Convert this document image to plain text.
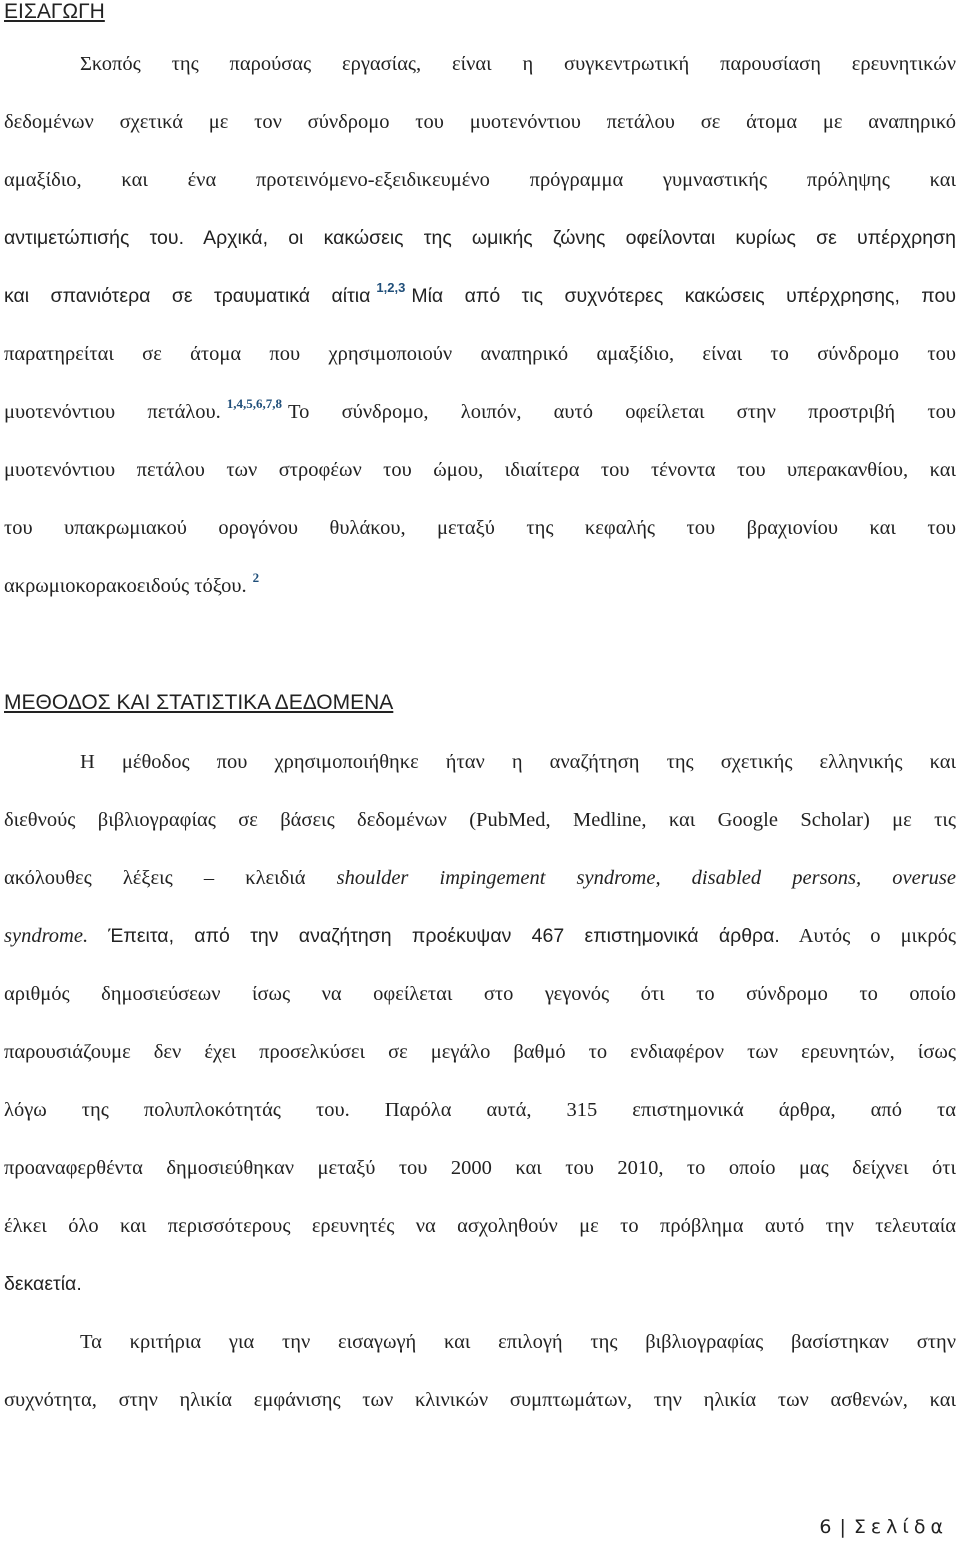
ΕΙΣΑΓΩΓΗ
Σκοπός της παρούσας εργασίας, είναι η συγκεντρωτική παρουσίαση ερευνητικών
δεδομένων σχετικά με τον σύνδρομο του μυοτενόντιου πετάλου σε άτομα με αναπηρικό
αμαξίδιο, και ένα προτεινόμενο-εξειδικευμένο πρόγραμμα γυμναστικής πρόληψης και
αντιμετώπισής του. Αρχικά, οι κακώσεις της ωμικής ζώνης οφείλονται κυρίως σε υπέρχρηση
και σπανιότερα σε τραυματικά αίτια $^{1,2,3}$ Μία από τις συχνότερες κακώσεις υπέρχρησης, που
παρατηρείται σε άτομα που χρησιμοποιούν αναπηρικό αμαξίδιο, είναι το σύνδρομο του
μυοτενόντιου πετάλου. $^{1,4,5,6,7,8}$ Το σύνδρομο, λοιπόν, αυτό οφείλεται στην προστριβή του
μυοτενόντιου πετάλου των στροφέων του ώμου, ιδιαίτερα του τένοντα του υπερακανθίου, και
του υπακρωμιακού ορογόνου θυλάκου, μεταξύ της κεφαλής του βραχιονίου και του
ακρωμιοκορακοειδούς τόξου. $^2$
ΜΕΘΟΔΟΣ ΚΑΙ ΣΤΑΤΙΣΤΙΚΑ ΔΕΔΟΜΕΝΑ
Η μέθοδος που χρησιμοποιήθηκε ήταν η αναζήτηση της σχετικής ελληνικής και
διεθνούς βιβλιογραφίας σε βάσεις δεδομένων (PubMed, Medline, και Google Scholar) με τις
ακόλουθες λέξεις – κλειδιά shoulder impingement syndrome, disabled persons, overuse
syndrome. Έπειτα, από την αναζήτηση προέκυψαν 467 επιστημονικά άρθρα. Αυτός ο μικρός
αριθμός δημοσιεύσεων ίσως να οφείλεται στο γεγονός ότι το σύνδρομο το οποίο
παρουσιάζουμε δεν έχει προσελκύσει σε μεγάλο βαθμό το ενδιαφέρον των ερευνητών, ίσως
λόγω της πολυπλοκότητάς του. Παρόλα αυτά, 315 επιστημονικά άρθρα, από τα
προαναφερθέντα δημοσιεύθηκαν μεταξύ του 2000 και του 2010, το οποίο μας δείχνει ότι
έλκει όλο και περισσότερους ερευνητές να ασχοληθούν με το πρόβλημα αυτό την τελευταία
δεκαετία.
Τα κριτήρια για την εισαγωγή και επιλογή της βιβλιογραφίας βασίστηκαν στην
συχνότητα, στην ηλικία εμφάνισης των κλινικών συμπτωμάτων, την ηλικία των ασθενών, και
6 | Σελίδα
